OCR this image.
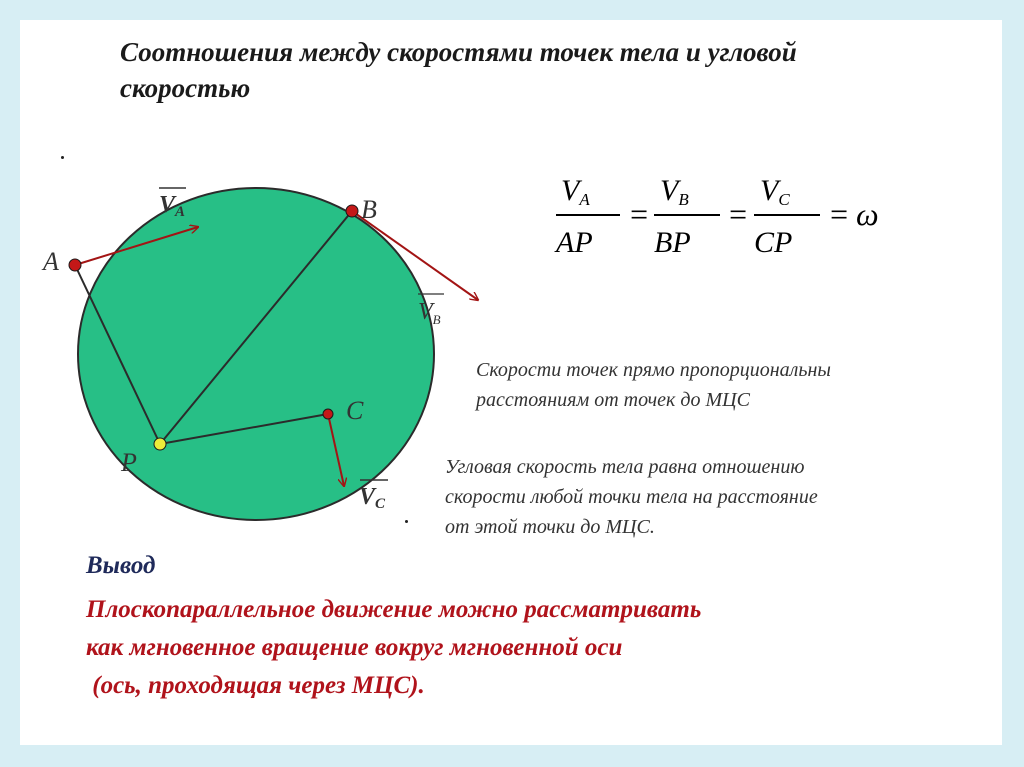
Соотношения между скоростями точек тела и угловой скоростью
A
B
C
P
VA
$V_B$
VC
VA
AP
=
VB
BP
=
VC
CP
= ω

Скорости точек прямо пропорциональны
расстояниям от точек до МЦС

Угловая скорость тела равна отношению
скорости любой точки тела на расстояние
от этой точки до МЦС.

Вывод

Плоскопараллельное движение можно рассматривать
как мгновенное вращение вокруг мгновенной оси
(ось, проходящая через МЦС).
